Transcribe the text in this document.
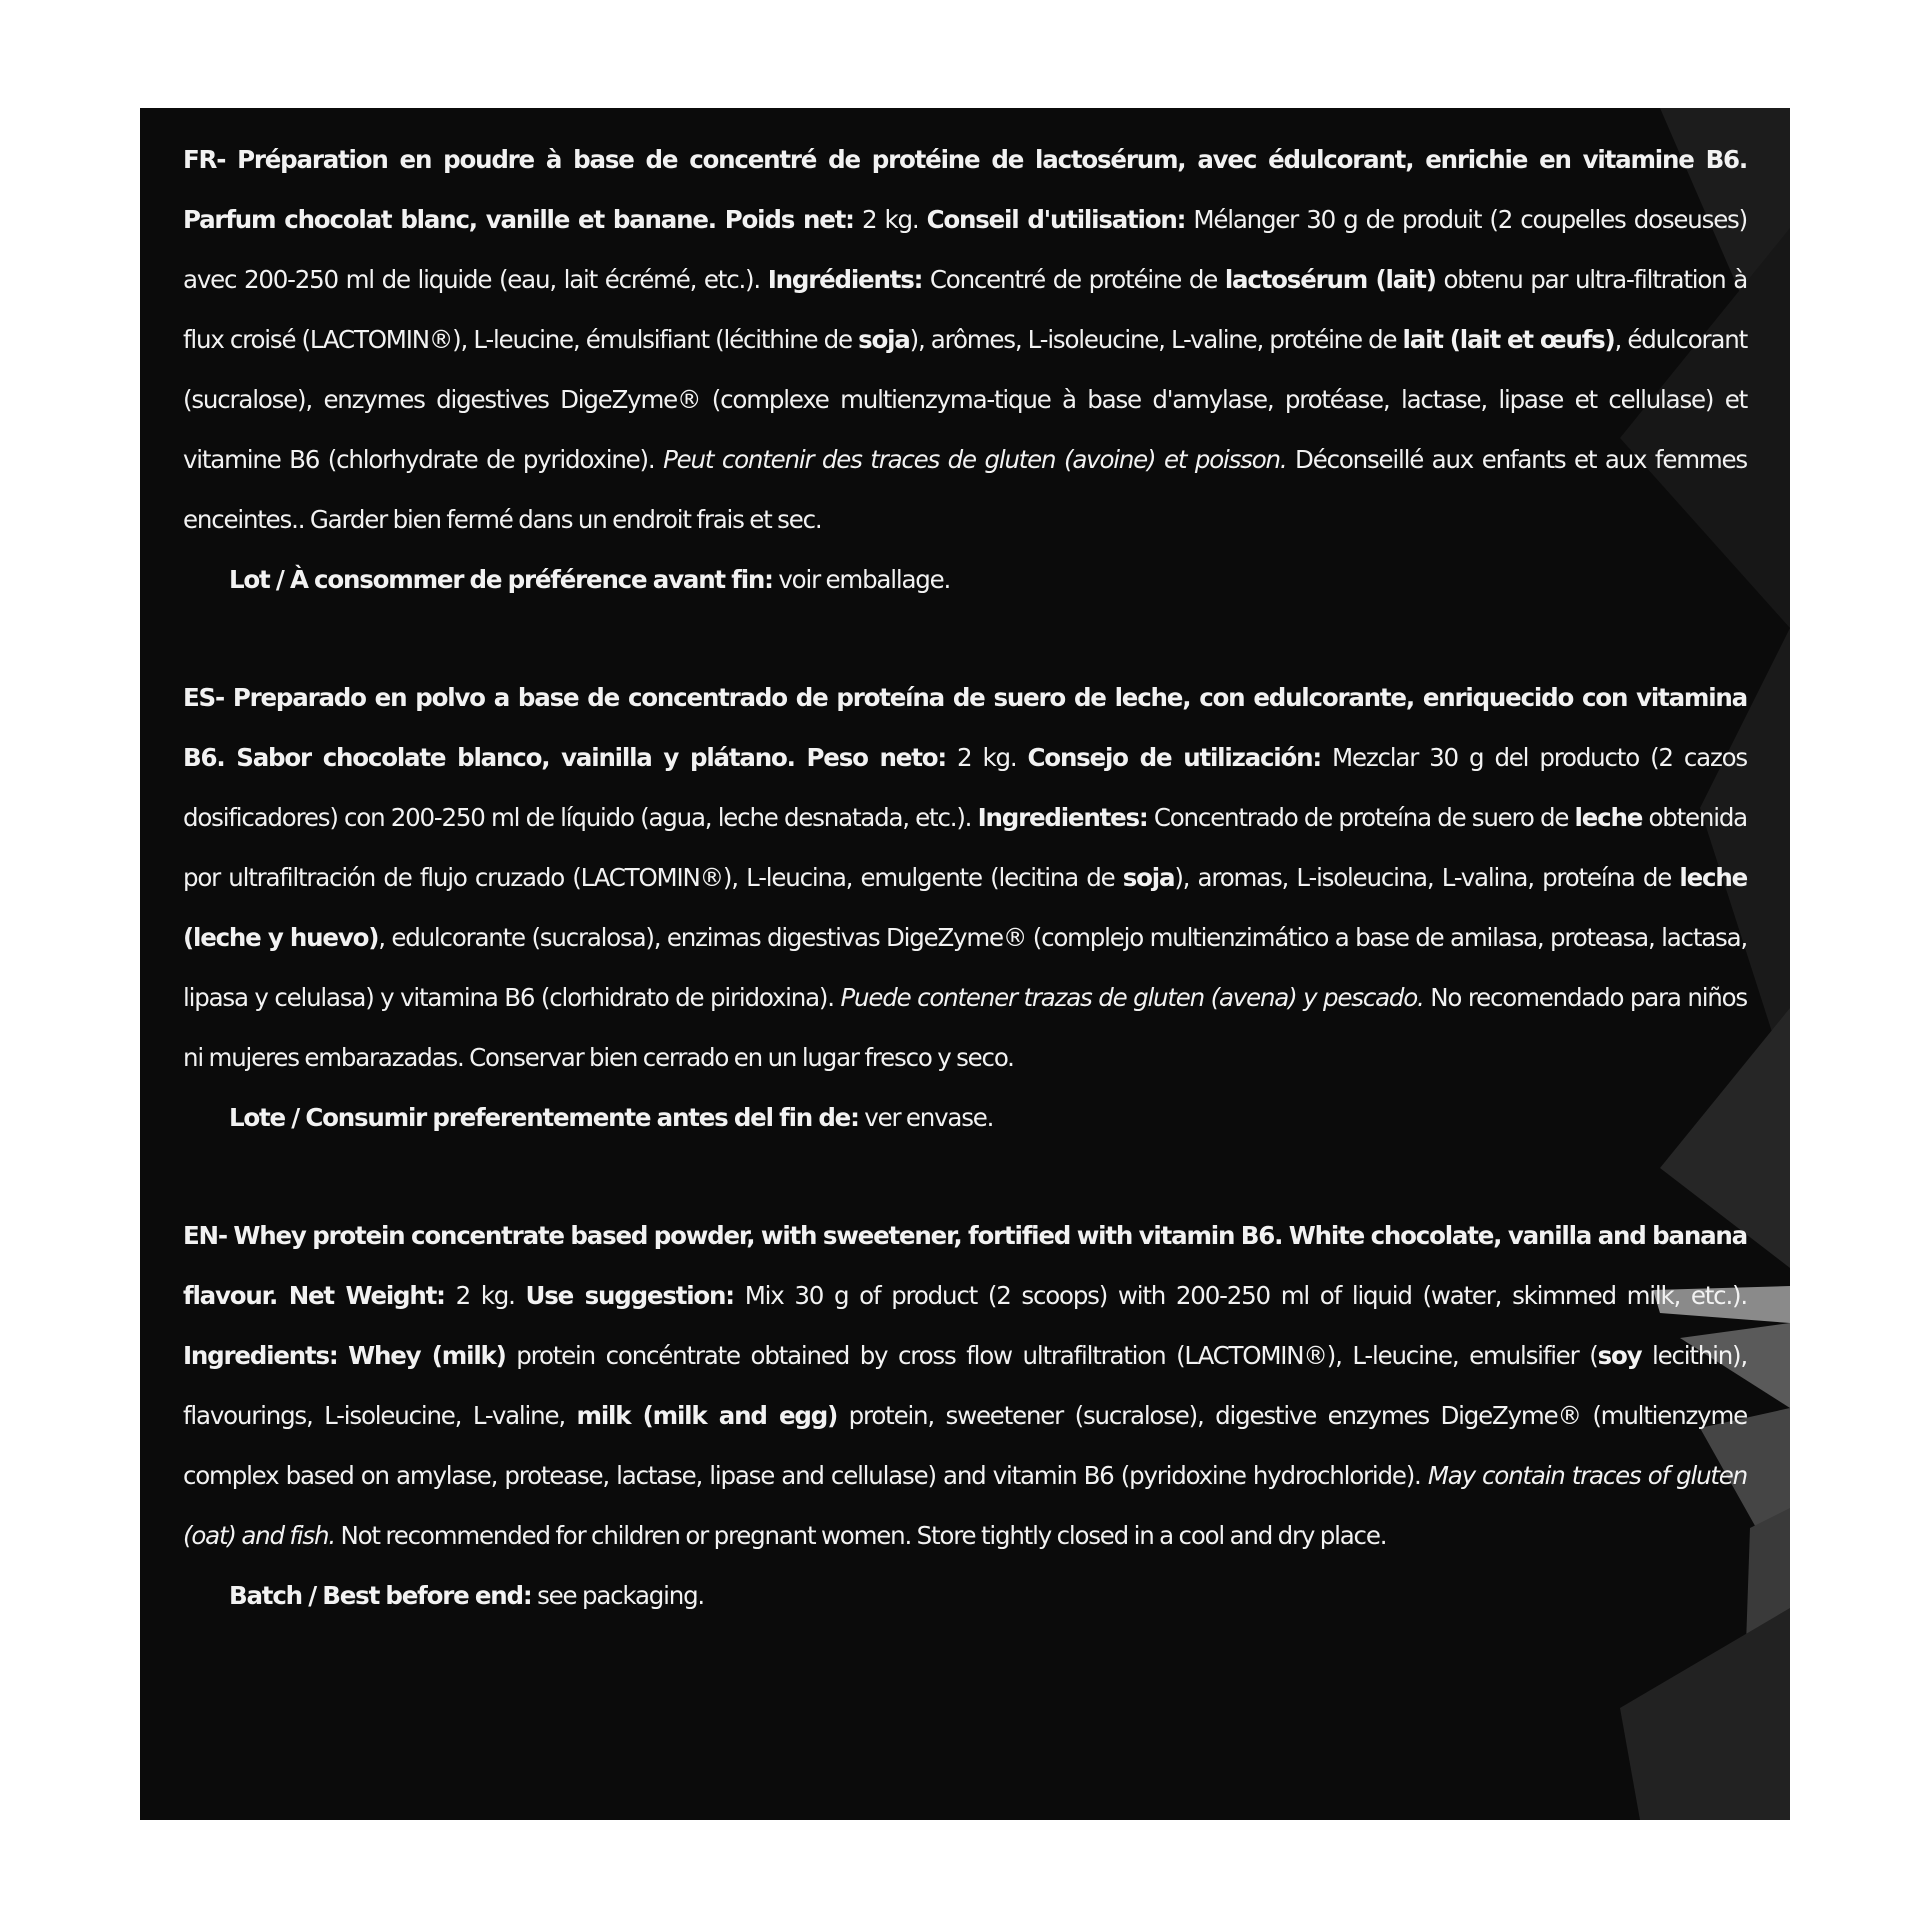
FR- Préparation en poudre à base de concentré de protéine de lactosérum, avec édulcorant, enrichie en vitamine B6. Parfum chocolat blanc, vanille et banane. Poids net: 2 kg. Conseil d'utilisation: Mélanger 30 g de produit (2 coupelles doseuses) avec 200-250 ml de liquide (eau, lait écrémé, etc.). Ingrédients: Concentré de protéine de lactosérum (lait) obtenu par ultra-filtration à flux croisé (LACTOMIN®), L-leucine, émulsifiant (lécithine de soja), arômes, L-isoleucine, L-valine, protéine de lait (lait et œufs), édulcorant (sucralose), enzymes digestives DigeZyme® (complexe multienzyma-tique à base d'amylase, protéase, lactase, lipase et cellulase) et vitamine B6 (chlorhydrate de pyridoxine). Peut contenir des traces de gluten (avoine) et poisson. Déconseillé aux enfants et aux femmes enceintes.. Garder bien fermé dans un endroit frais et sec.

Lot / À consommer de préférence avant fin: voir emballage.

ES- Preparado en polvo a base de concentrado de proteína de suero de leche, con edulcorante, enriquecido con vitamina B6. Sabor chocolate blanco, vainilla y plátano. Peso neto: 2 kg. Consejo de utilización: Mezclar 30 g del producto (2 cazos dosificadores) con 200-250 ml de líquido (agua, leche desnatada, etc.). Ingredientes: Concentrado de proteína de suero de leche obtenida por ultrafiltración de flujo cruzado (LACTOMIN®), L-leucina, emulgente (lecitina de soja), aromas, L-isoleucina, L-valina, proteína de leche (leche y huevo), edulcorante (sucralosa), enzimas digestivas DigeZyme® (complejo multienzimático a base de amilasa, proteasa, lactasa, lipasa y celulasa) y vitamina B6 (clorhidrato de piridoxina). Puede contener trazas de gluten (avena) y pescado. No recomendado para niños ni mujeres embarazadas. Conservar bien cerrado en un lugar fresco y seco.

Lote / Consumir preferentemente antes del fin de: ver envase.

EN- Whey protein concentrate based powder, with sweetener, fortified with vitamin B6. White chocolate, vanilla and banana flavour. Net Weight: 2 kg. Use suggestion: Mix 30 g of product (2 scoops) with 200-250 ml of liquid (water, skimmed milk, etc.). Ingredients: Whey (milk) protein concéntrate obtained by cross flow ultrafiltration (LACTOMIN®), L-leucine, emulsifier (soy lecithin), flavourings, L-isoleucine, L-valine, milk (milk and egg) protein, sweetener (sucralose), digestive enzymes DigeZyme® (multienzyme complex based on amylase, protease, lactase, lipase and cellulase) and vitamin B6 (pyridoxine hydrochloride). May contain traces of gluten (oat) and fish. Not recommended for children or pregnant women. Store tightly closed in a cool and dry place.

Batch / Best before end: see packaging.
